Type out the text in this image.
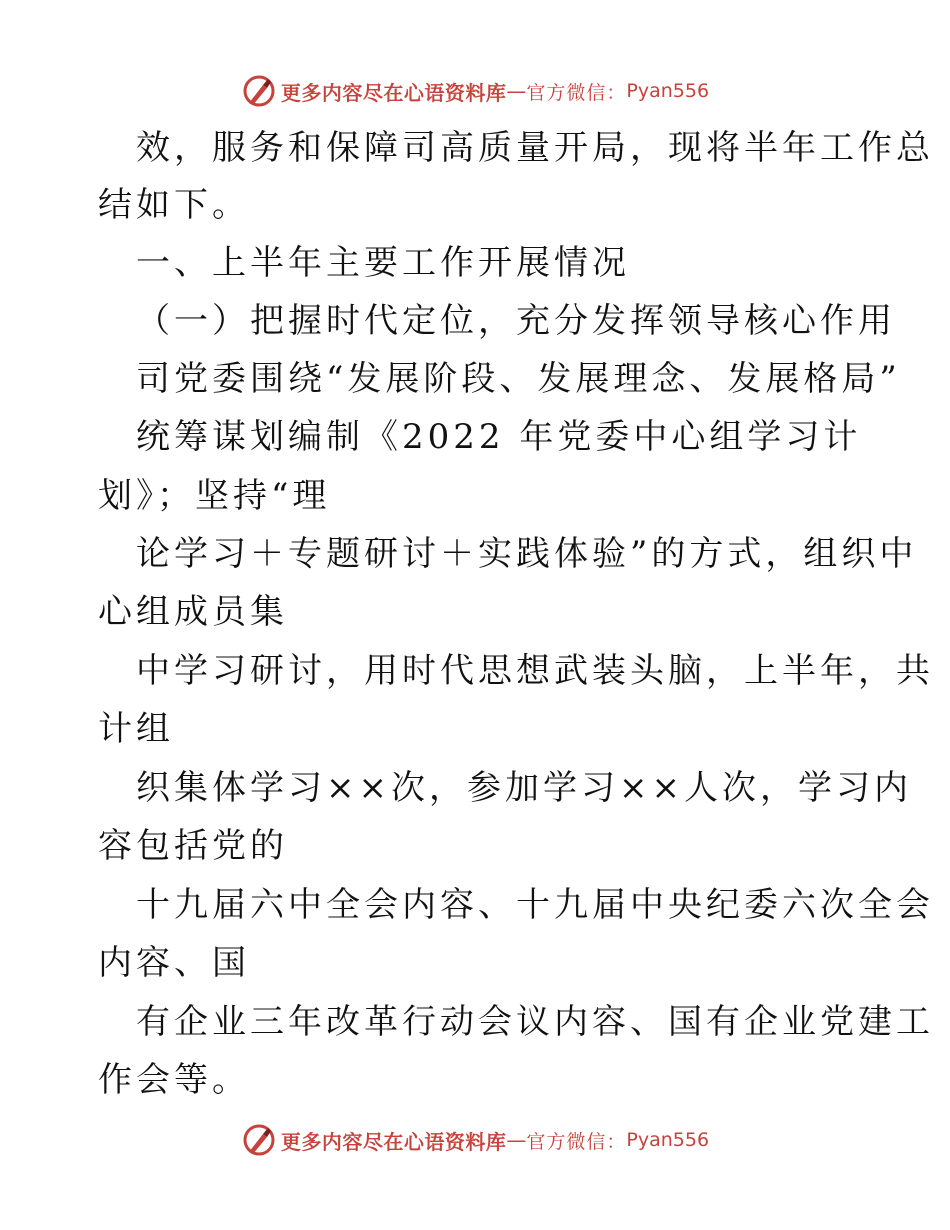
更多内容尽在心语资料库 — 官方微信： Pyan556
效，服务和保障司高质量开局，现将半年工作总
结如下。
一、上半年主要工作开展情况
（一）把握时代定位，充分发挥领导核心作用
司党委围绕“发展阶段、发展理念、发展格局”
统筹谋划编制《2022 年党委中心组学习计
划》；坚持“理
论学习＋专题研讨＋实践体验”的方式，组织中
心组成员集
中学习研讨，用时代思想武装头脑，上半年，共
计组
织集体学习××次，参加学习××人次，学习内
容包括党的
十九届六中全会内容、十九届中央纪委六次全会
内容、国
有企业三年改革行动会议内容、国有企业党建工
作会等。
更多内容尽在心语资料库 — 官方微信： Pyan556
